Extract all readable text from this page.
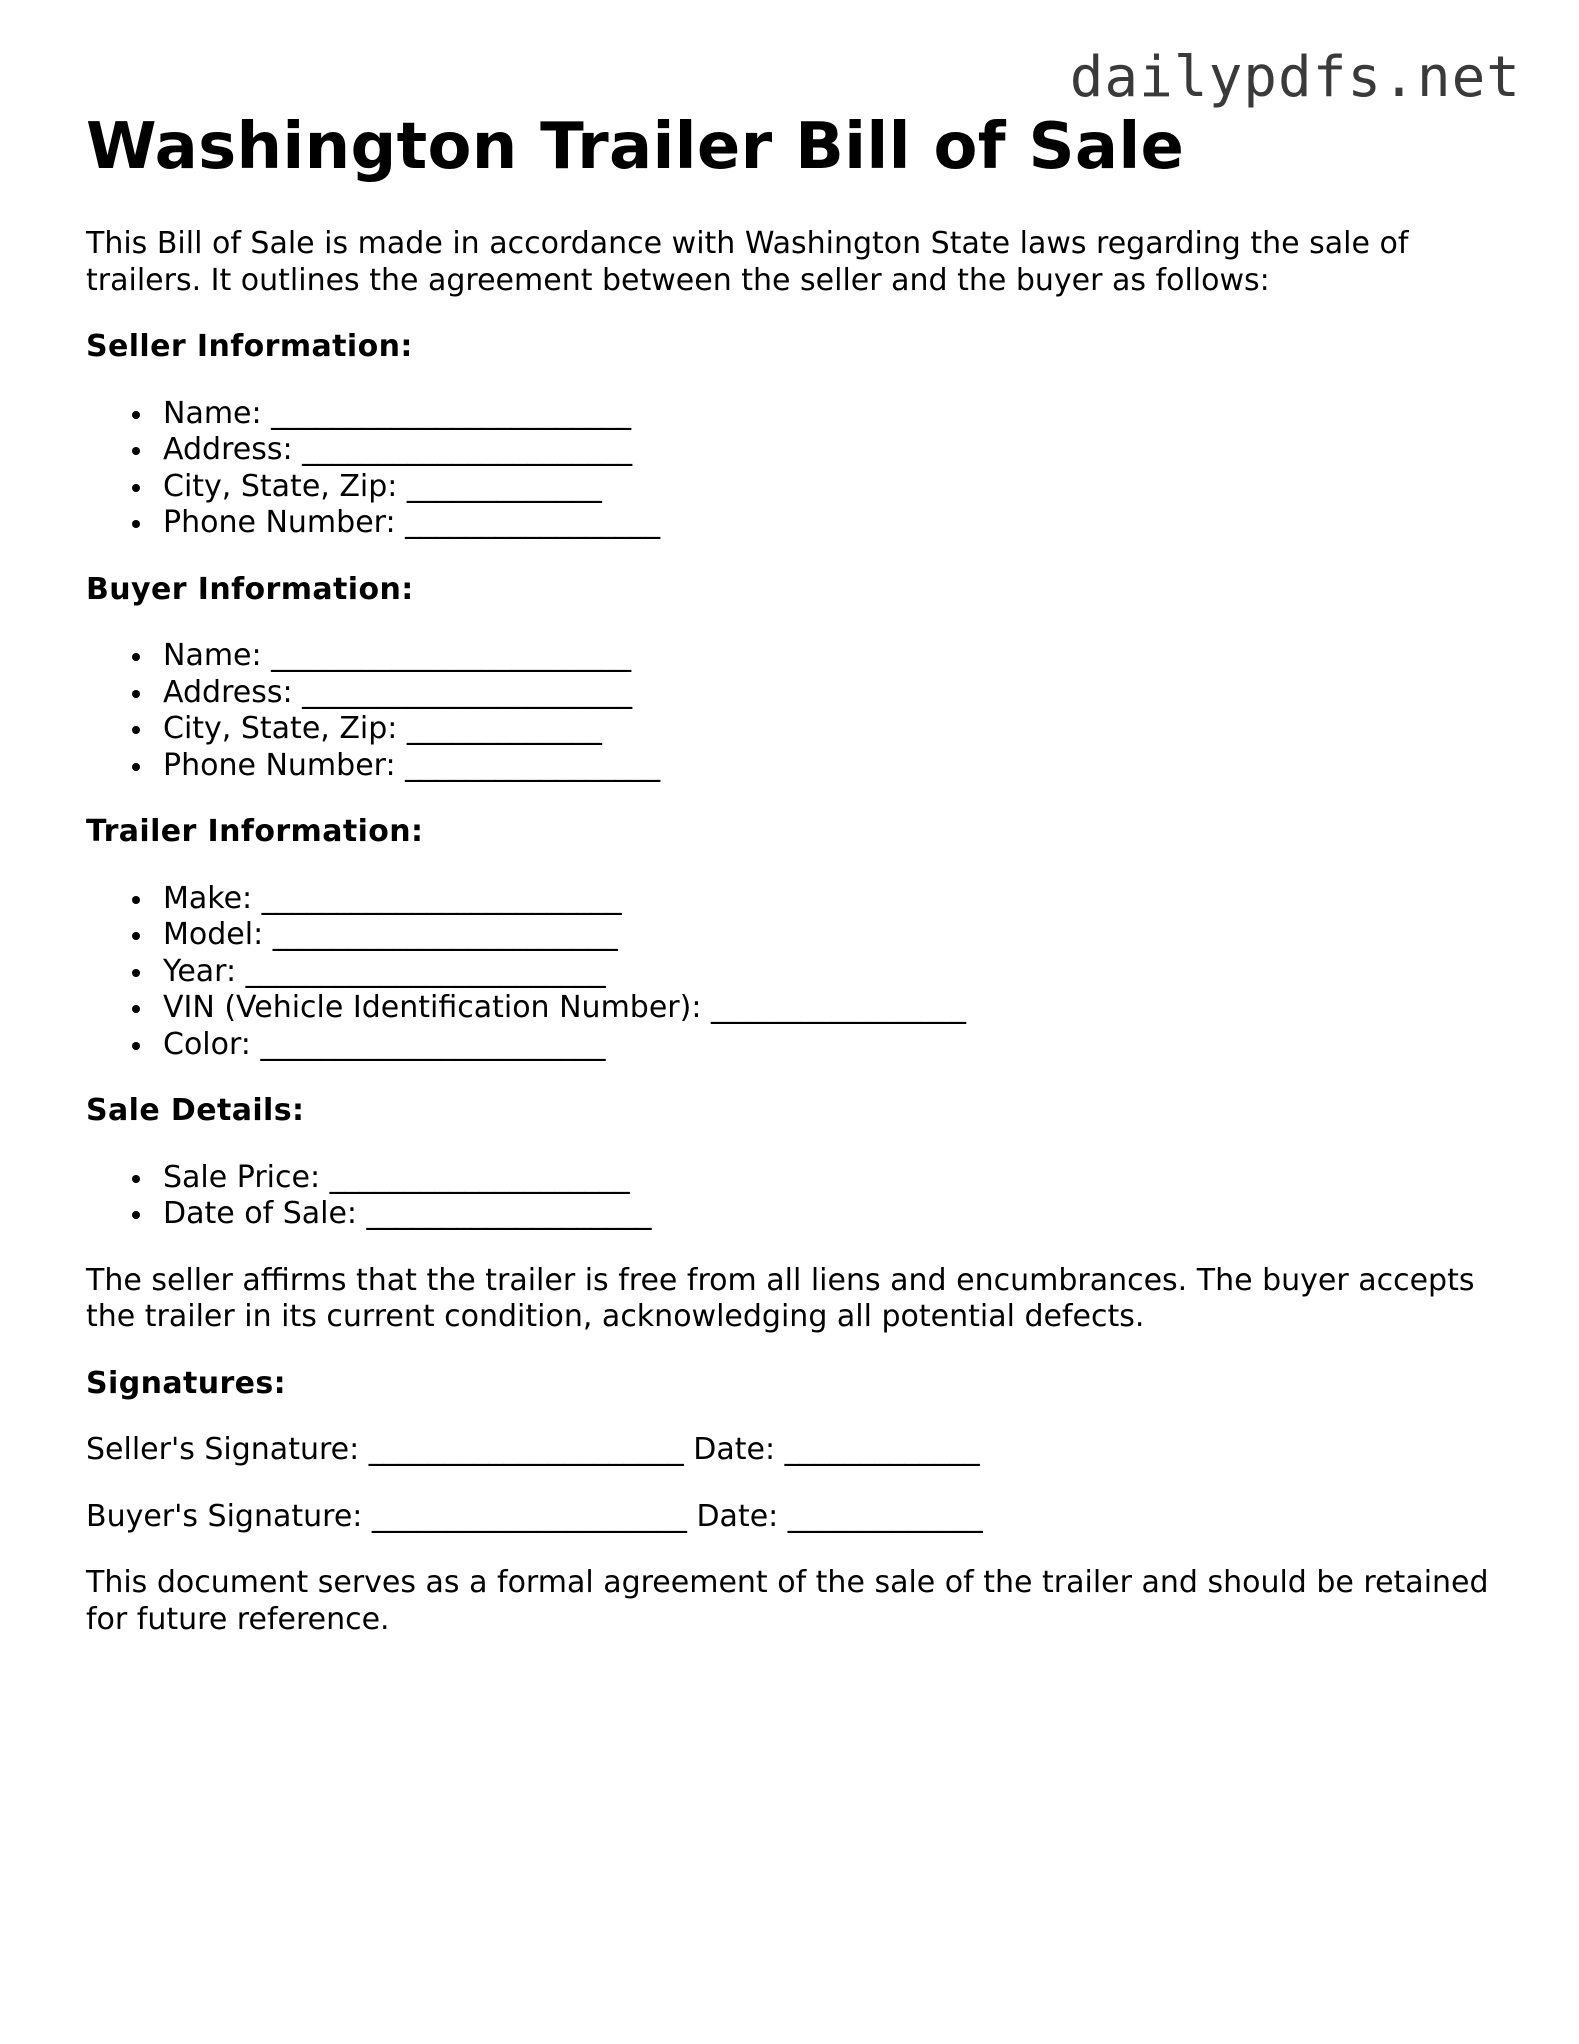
dailypdfs.net
Washington Trailer Bill of Sale

This Bill of Sale is made in accordance with Washington State laws regarding the sale of trailers. It outlines the agreement between the seller and the buyer as follows:

Seller Information:
Name: ________________________
Address: ______________________
City, State, Zip: _____________
Phone Number: _________________
Buyer Information:
Name: ________________________
Address: ______________________
City, State, Zip: _____________
Phone Number: _________________
Trailer Information:
Make: ________________________
Model: _______________________
Year: ________________________
VIN (Vehicle Identification Number): _________________
Color: _______________________
Sale Details:
Sale Price: ____________________
Date of Sale: ___________________

The seller affirms that the trailer is free from all liens and encumbrances. The buyer accepts the trailer in its current condition, acknowledging all potential defects.

Signatures:

Seller's Signature: _____________________ Date: _____________

Buyer's Signature: _____________________ Date: _____________

This document serves as a formal agreement of the sale of the trailer and should be retained for future reference.
